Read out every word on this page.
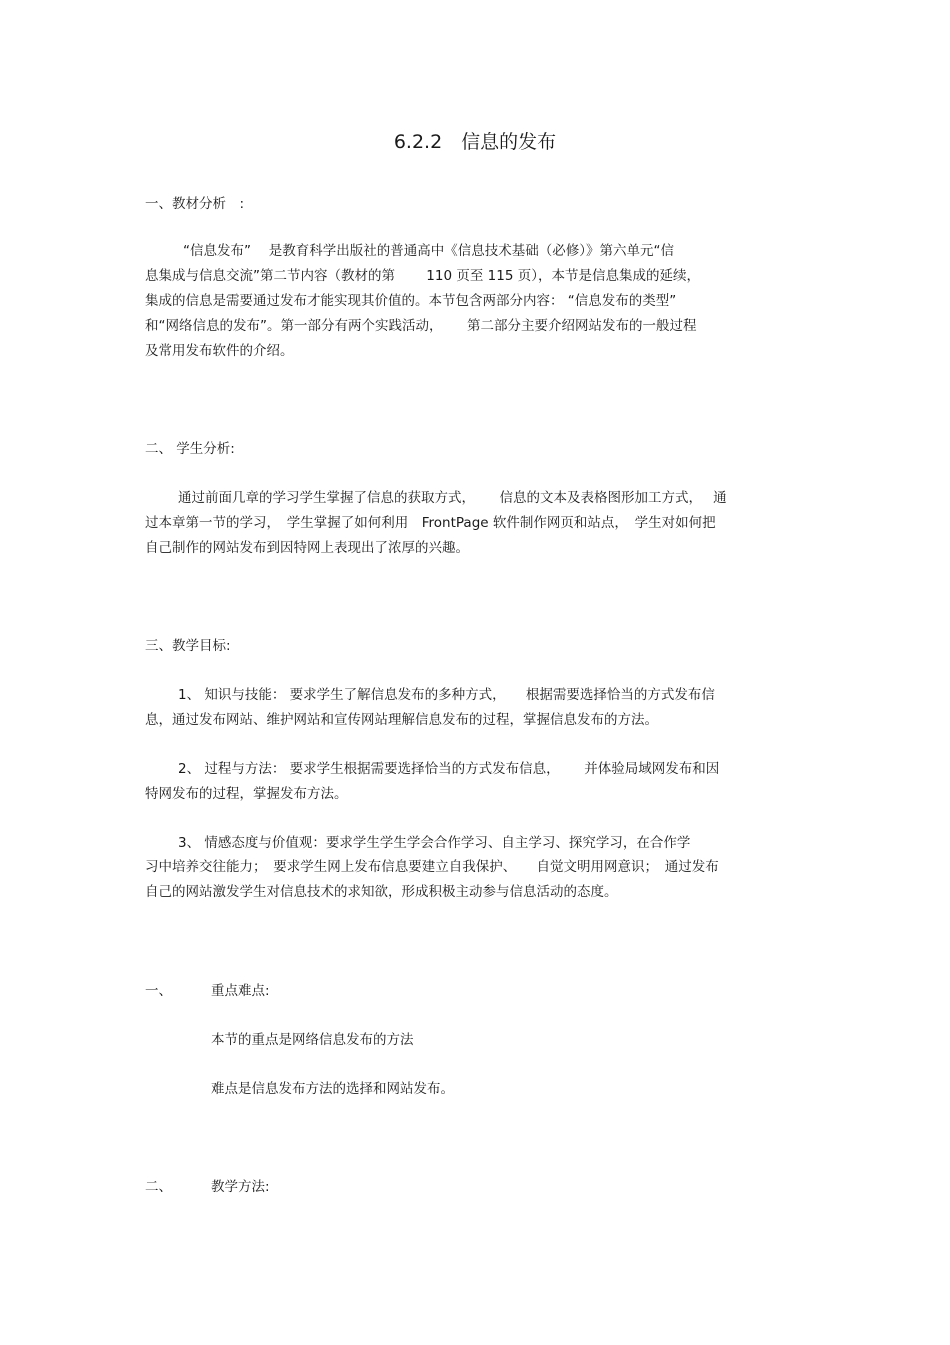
6.2.2　信息的发布
一、教材分析　:
“信息发布”　 是教育科学出版社的普通高中《信息技术基础（必修）》第六单元“信
息集成与信息交流”第二节内容（教材的第　　 110 页至 115 页），本节是信息集成的延续，
集成的信息是需要通过发布才能实现其价值的。本节包含两部分内容： “信息发布的类型”
和“网络信息的发布”。第一部分有两个实践活动，　　 第二部分主要介绍网站发布的一般过程
及常用发布软件的介绍。
二、 学生分析:
通过前面几章的学习学生掌握了信息的获取方式，　　 信息的文本及表格图形加工方式，　 通
过本章第一节的学习，　学生掌握了如何利用　FrontPage 软件制作网页和站点，　学生对如何把
自己制作的网站发布到因特网上表现出了浓厚的兴趣。
三、教学目标:
1、 知识与技能： 要求学生了解信息发布的多种方式，　　根据需要选择恰当的方式发布信
息，通过发布网站、维护网站和宣传网站理解信息发布的过程，掌握信息发布的方法。
2、 过程与方法： 要求学生根据需要选择恰当的方式发布信息，　　 并体验局域网发布和因
特网发布的过程，掌握发布方法。
3、 情感态度与价值观：要求学生学生学会合作学习、自主学习、探究学习，在合作学
习中培养交往能力；　要求学生网上发布信息要建立自我保护、　　自觉文明用网意识；　通过发布
自己的网站激发学生对信息技术的求知欲，形成积极主动参与信息活动的态度。
一、	重点难点:
本节的重点是网络信息发布的方法
难点是信息发布方法的选择和网站发布。
二、	教学方法:
